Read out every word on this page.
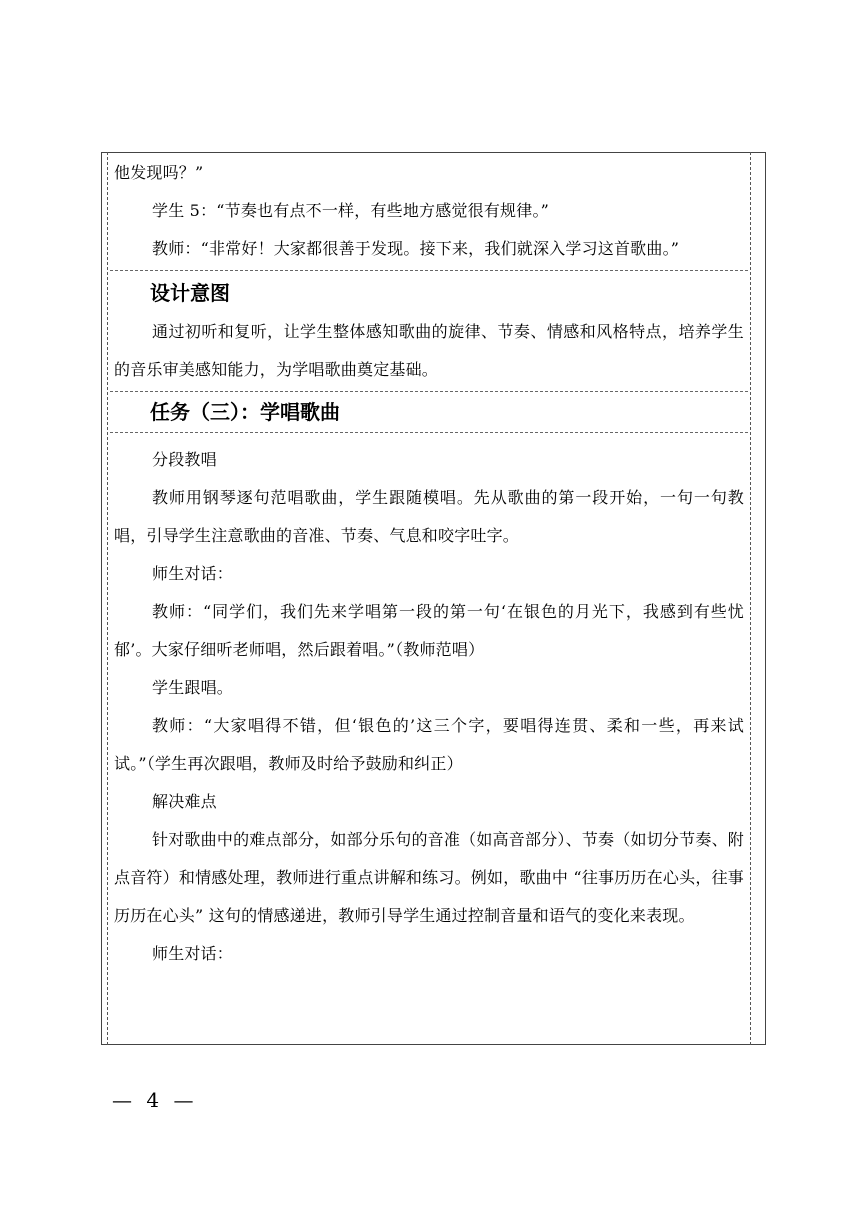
他发现吗？”

学生 5：“节奏也有点不一样，有些地方感觉很有规律。”

教师：“非常好！大家都很善于发现。接下来，我们就深入学习这首歌曲。”

设计意图

通过初听和复听，让学生整体感知歌曲的旋律、节奏、情感和风格特点，培养学生的音乐审美感知能力，为学唱歌曲奠定基础。

任务（三）：学唱歌曲

分段教唱

教师用钢琴逐句范唱歌曲，学生跟随模唱。先从歌曲的第一段开始，一句一句教唱，引导学生注意歌曲的音准、节奏、气息和咬字吐字。

师生对话：

教师：“同学们，我们先来学唱第一段的第一句‘在银色的月光下，我感到有些忧郁’。大家仔细听老师唱，然后跟着唱。”（教师范唱）

学生跟唱。

教师：“大家唱得不错，但‘银色的’这三个字，要唱得连贯、柔和一些，再来试试。”（学生再次跟唱，教师及时给予鼓励和纠正）

解决难点

针对歌曲中的难点部分，如部分乐句的音准（如高音部分）、节奏（如切分节奏、附点音符）和情感处理，教师进行重点讲解和练习。例如，歌曲中 “往事历历在心头，往事历历在心头” 这句的情感递进，教师引导学生通过控制音量和语气的变化来表现。

师生对话：

— 4 —
